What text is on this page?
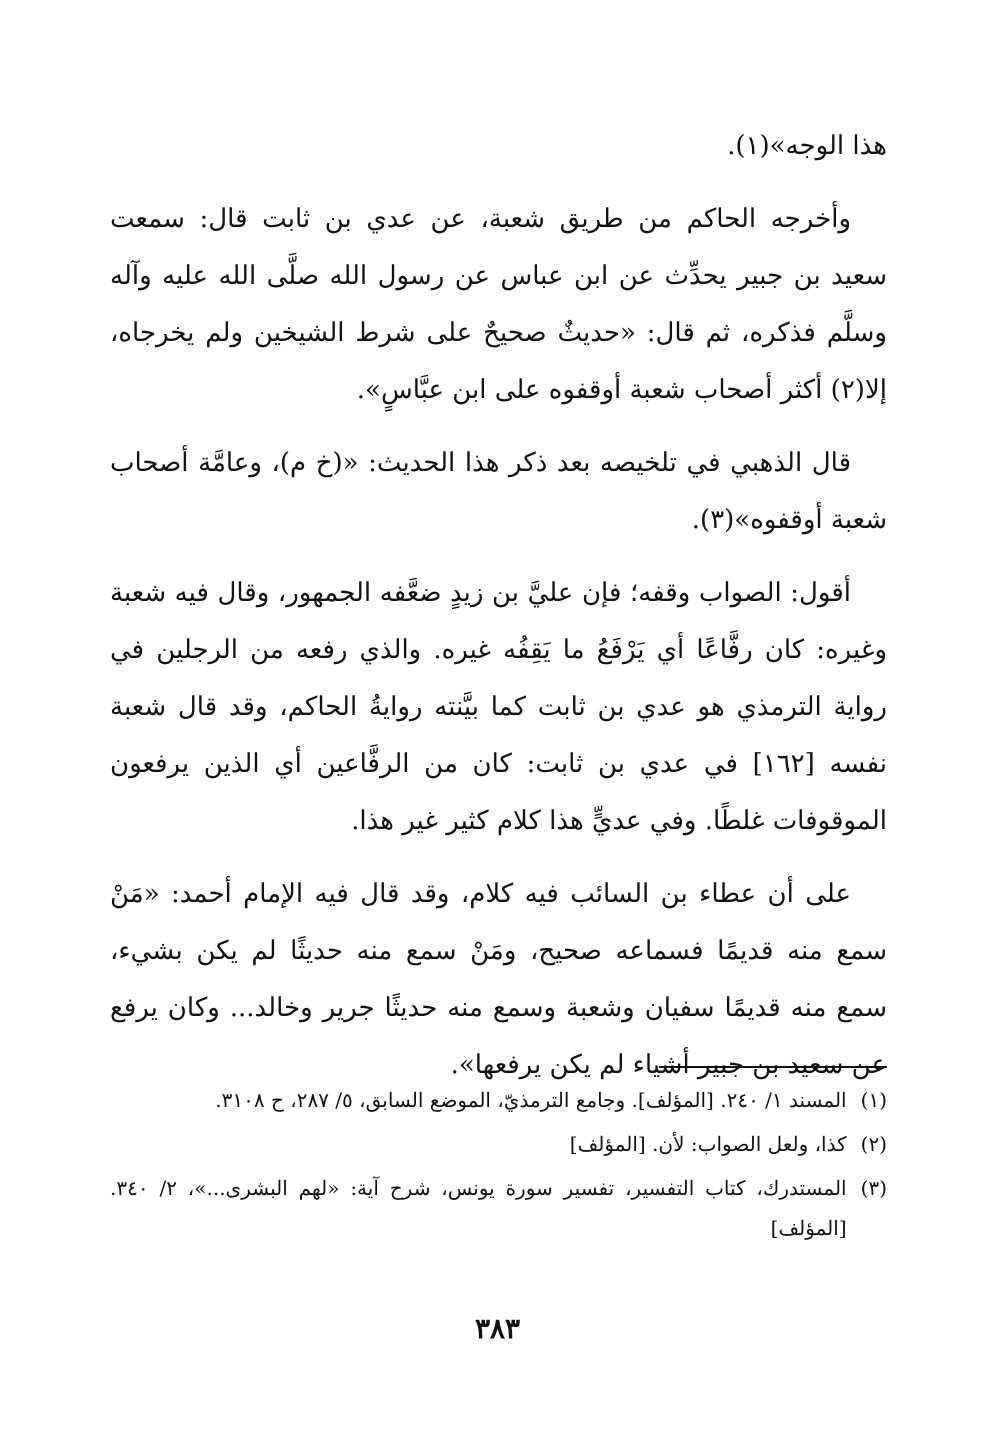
هذا الوجه»(١).

وأخرجه الحاكم من طريق شعبة، عن عدي بن ثابت قال: سمعت سعيد بن جبير يحدِّث عن ابن عباس عن رسول الله صلَّى الله عليه وآله وسلَّم فذكره، ثم قال: «حديثٌ صحيحٌ على شرط الشيخين ولم يخرجاه، إلا(٢) أكثر أصحاب شعبة أوقفوه على ابن عبَّاسٍ».

قال الذهبي في تلخيصه بعد ذكر هذا الحديث: «(خ م)، وعامَّة أصحاب شعبة أوقفوه»(٣).

أقول: الصواب وقفه؛ فإن عليَّ بن زيدٍ ضعَّفه الجمهور، وقال فيه شعبة وغيره: كان رفَّاعًا أي يَرْفَعُ ما يَقِفُه غيره. والذي رفعه من الرجلين في رواية الترمذي هو عدي بن ثابت كما بيَّنته روايةُ الحاكم، وقد قال شعبة نفسه [١٦٢] في عدي بن ثابت: كان من الرفَّاعين أي الذين يرفعون الموقوفات غلطًا. وفي عديٍّ هذا كلام كثير غير هذا.

على أن عطاء بن السائب فيه كلام، وقد قال فيه الإمام أحمد: «مَنْ سمع منه قديمًا فسماعه صحيح، ومَنْ سمع منه حديثًا لم يكن بشيء، سمع منه قديمًا سفيان وشعبة وسمع منه حديثًا جرير وخالد... وكان يرفع عن سعيد بن جبير أشياء لم يكن يرفعها».

(١)
المسند ١/ ٢٤٠. [المؤلف]. وجامع الترمذيّ، الموضع السابق، ٥/ ٢٨٧، ح ٣١٠٨.
(٢)
كذا، ولعل الصواب: لأن. [المؤلف]
(٣)
المستدرك، كتاب التفسير، تفسير سورة يونس، شرح آية: «لهم البشرى...»، ٢/ ٣٤٠. [المؤلف]
٣٨٣
